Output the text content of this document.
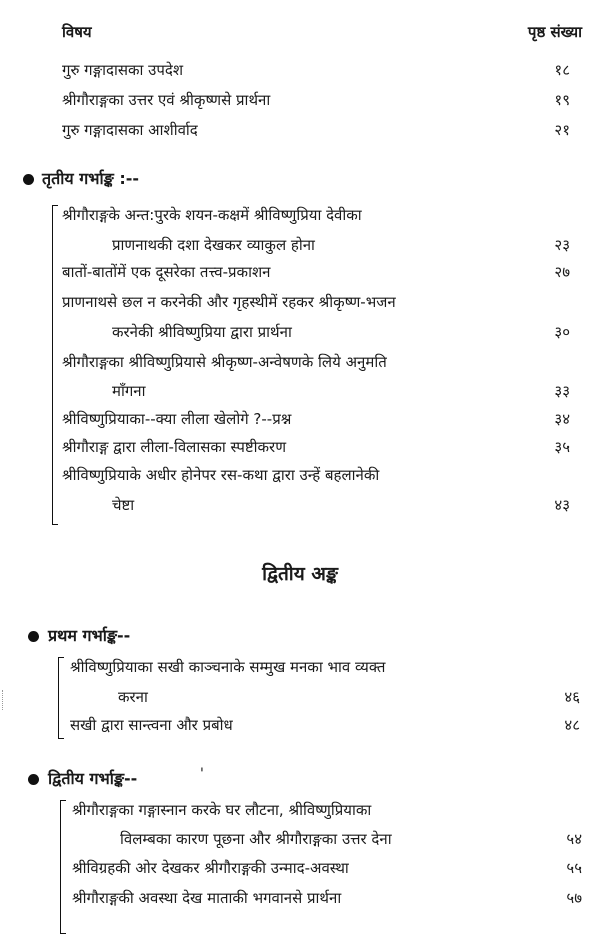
विषय	पृष्ठ संख्या
गुरु गङ्गादासका उपदेश	१८
श्रीगौराङ्गका उत्तर एवं श्रीकृष्णसे प्रार्थना	१९
गुरु गङ्गादासका आशीर्वाद	२१
तृतीय गर्भाङ्क :--
श्रीगौराङ्गके अन्त:पुरके शयन-कक्षमें श्रीविष्णुप्रिया देवीका
प्राणनाथकी दशा देखकर व्याकुल होना	२३
बातों-बातोंमें एक दूसरेका तत्त्व-प्रकाशन	२७
प्राणनाथसे छल न करनेकी और गृहस्थीमें रहकर श्रीकृष्ण-भजन
करनेकी श्रीविष्णुप्रिया द्वारा प्रार्थना	३०
श्रीगौराङ्गका श्रीविष्णुप्रियासे श्रीकृष्ण-अन्वेषणके लिये अनुमति
माँगना	३३
श्रीविष्णुप्रियाका--क्या लीला खेलोगे ?--प्रश्न	३४
श्रीगौराङ्ग द्वारा लीला-विलासका स्पष्टीकरण	३५
श्रीविष्णुप्रियाके अधीर होनेपर रस-कथा द्वारा उन्हें बहलानेकी
चेष्टा	४३
द्वितीय अङ्क
प्रथम गर्भाङ्क--
श्रीविष्णुप्रियाका सखी काञ्चनाके सम्मुख मनका भाव व्यक्त
करना	४६
सखी द्वारा सान्त्वना और प्रबोध	४८
द्वितीय गर्भाङ्क--	'
श्रीगौराङ्गका गङ्गास्नान करके घर लौटना, श्रीविष्णुप्रियाका
विलम्बका कारण पूछना और श्रीगौराङ्गका उत्तर देना	५४
श्रीविग्रहकी ओर देखकर श्रीगौराङ्गकी उन्माद-अवस्था	५५
श्रीगौराङ्गकी अवस्था देख माताकी भगवानसे प्रार्थना	५७
